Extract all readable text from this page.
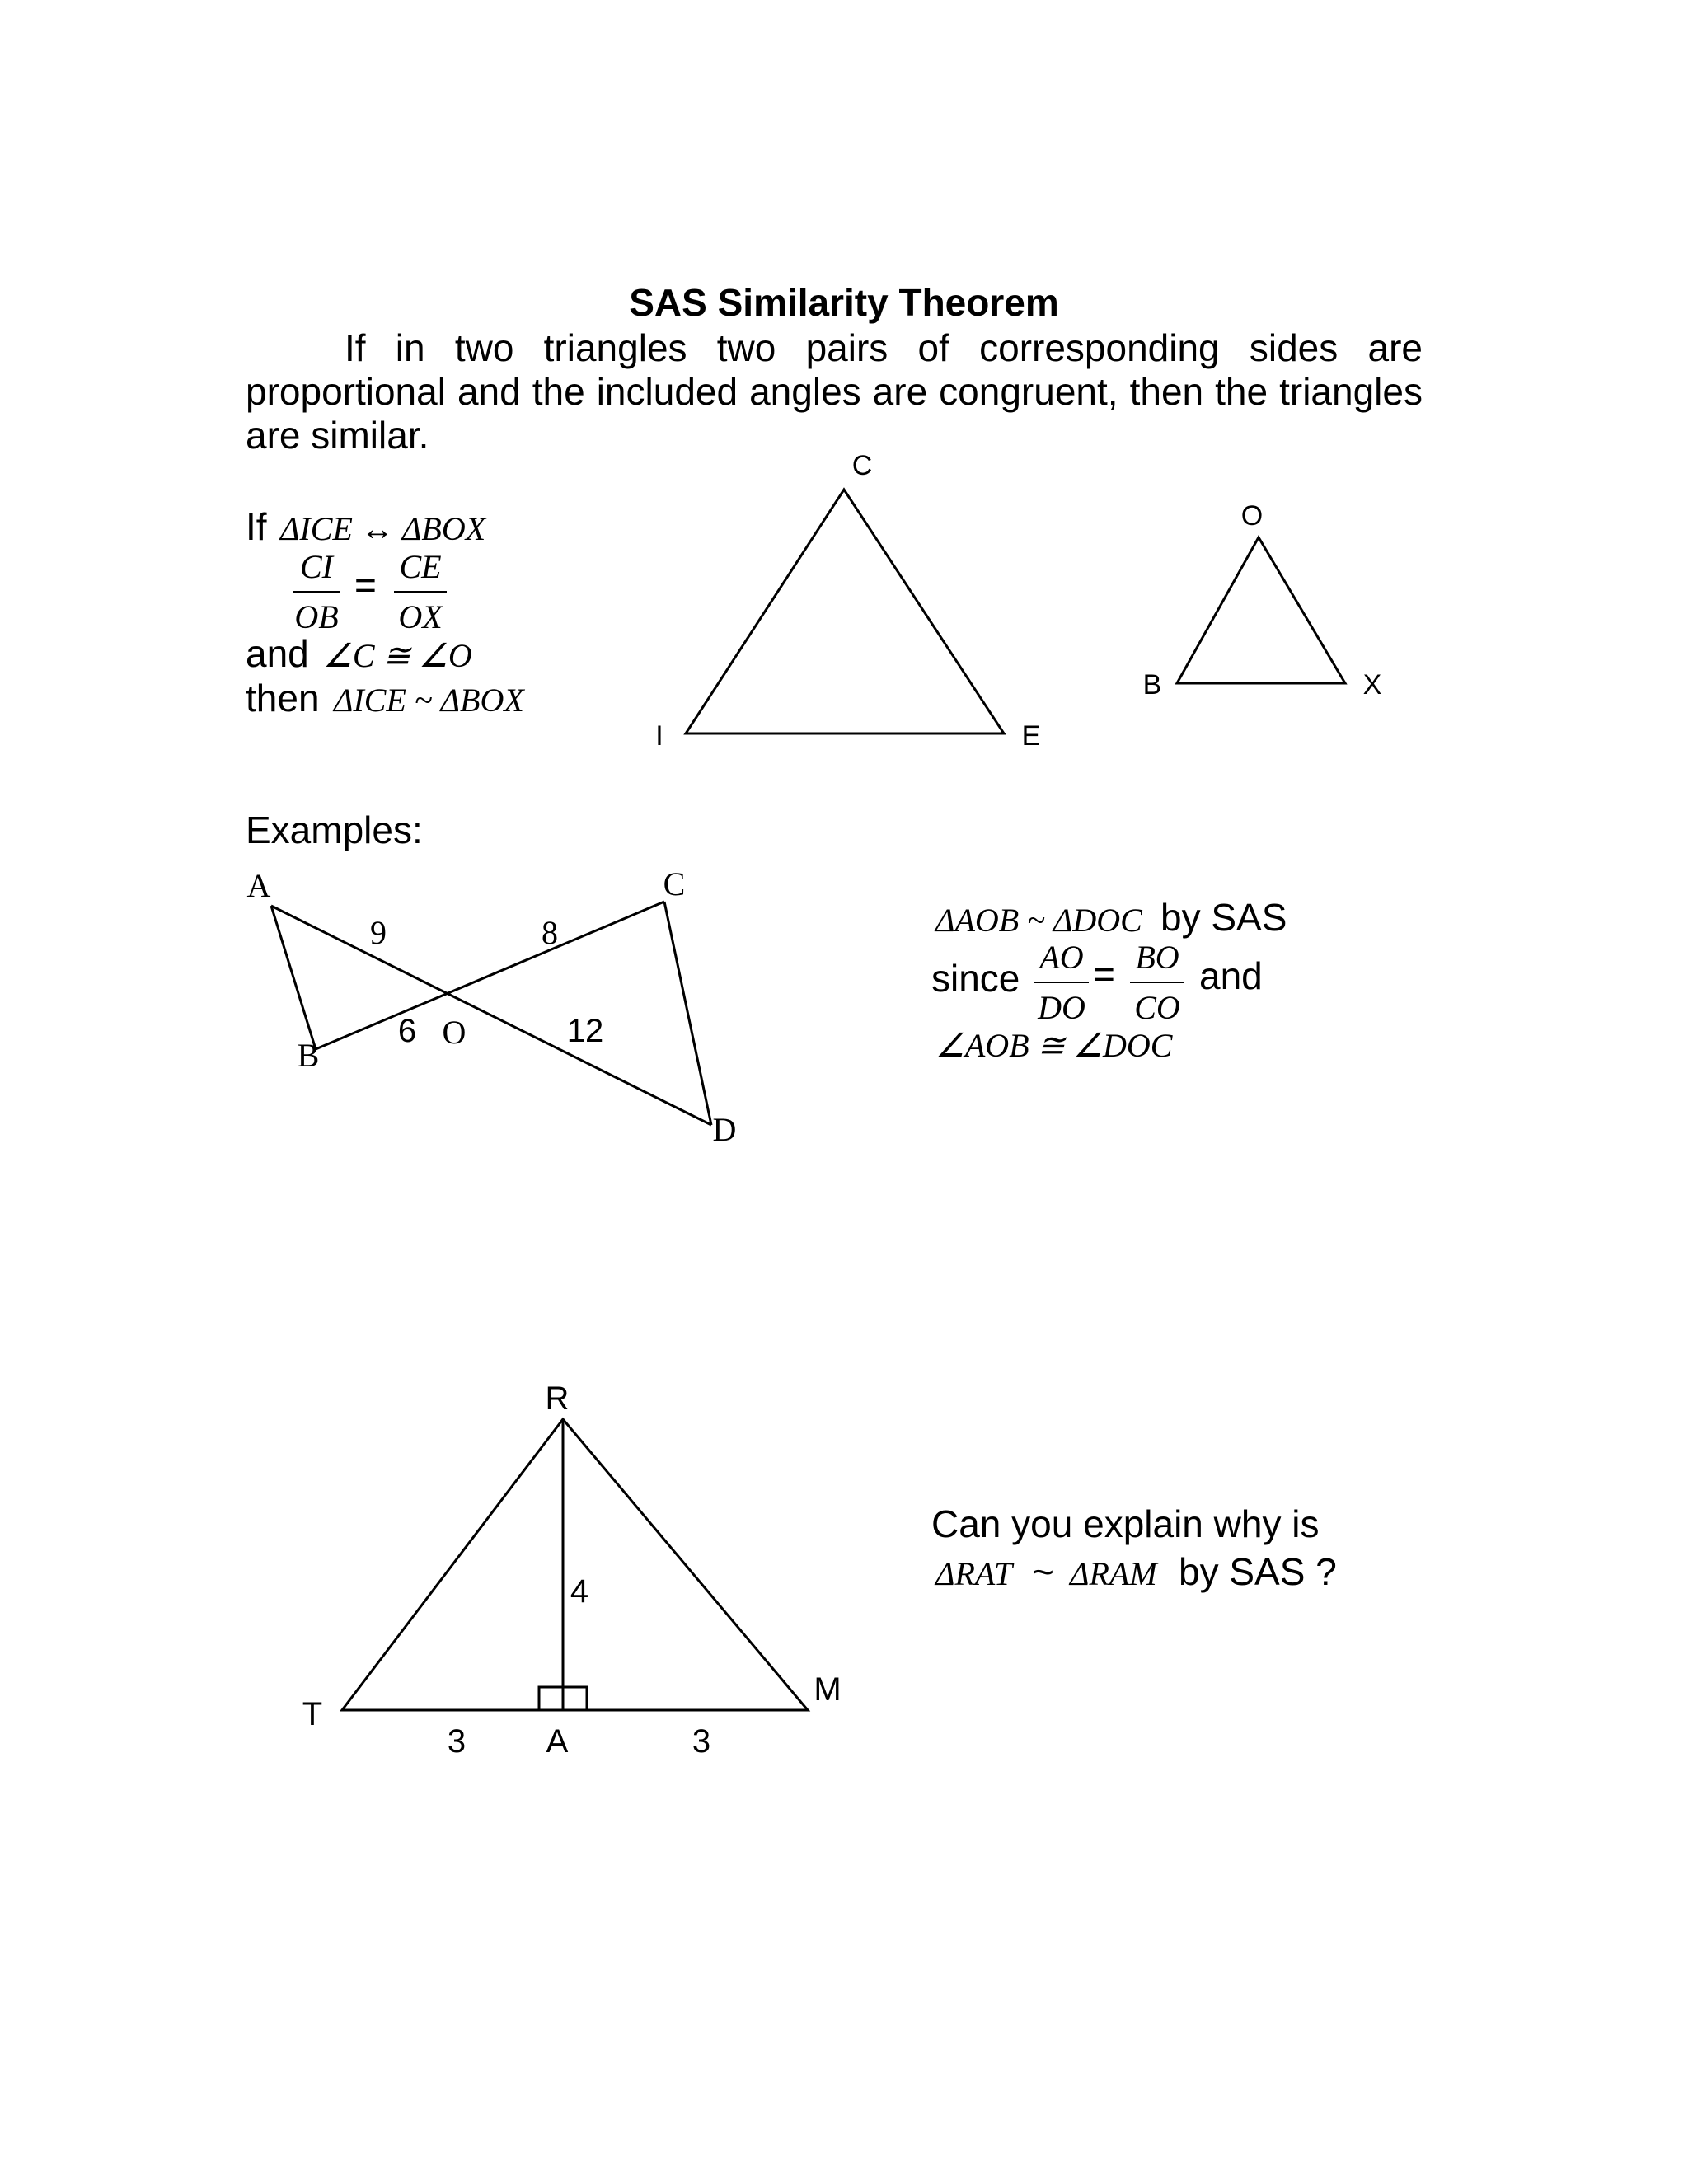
SAS Similarity Theorem
If in two triangles two pairs of corresponding sides are proportional and the included angles are congruent, then the triangles are similar.
If ΔICE ↔ ΔBOX
$\frac{CI}{OB} = \frac{CE}{OX}$
and ∠C ≅ ∠O
then ΔICE ~ ΔBOX
Examples:
ΔAOB ~ ΔDOC by SAS
since $\frac{AO}{DO} = \frac{BO}{CO}$ and
∠AOB ≅ ∠DOC
Can you explain why is
ΔRAT ~ ΔRAM by SAS ?
C
I	E
O
B	X
A
B
C
D
O
9	8
6	12
R
T
A
M
4
3	3
